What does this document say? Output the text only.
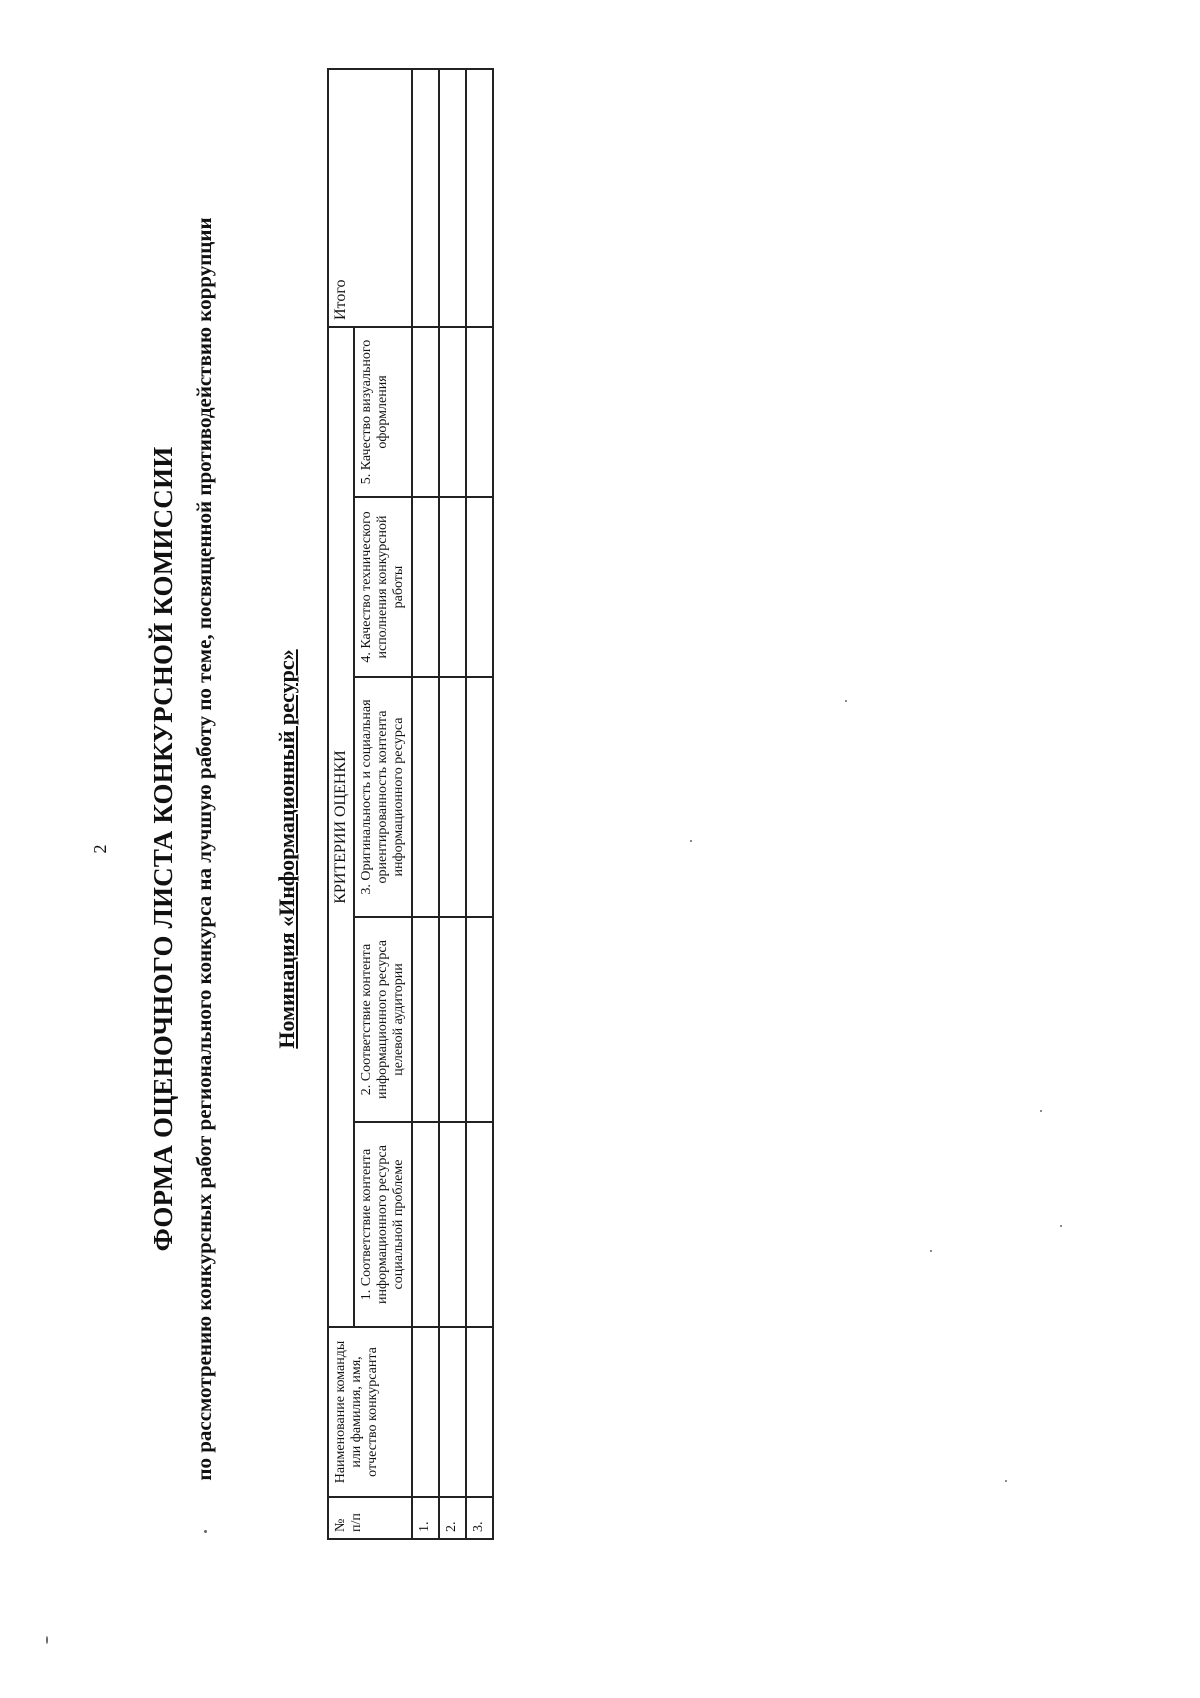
2 ФОРМА ОЦЕНОЧНОГО ЛИСТА КОНКУРСНОЙ КОМИССИИ по рассмотрению конкурсных работ регионального конкурса на лучшую работу по теме, посвященной противодействию коррупции	Номинация «Информационный ресурс»
№ п/п	Наименование команды или фамилия, имя, отчество конкурсанта	КРИТЕРИИ ОЦЕНКИ					Итого
		1. Соответствие контента информационного ресурса социальной проблеме	2. Соответствие контента информационного ресурса целевой аудитории	3. Оригинальность и социальная ориентированность контента информационного ресурса	4. Качество технического исполнения конкурсной работы	5. Качество визуального оформления	
1.							
2.							
3.							
